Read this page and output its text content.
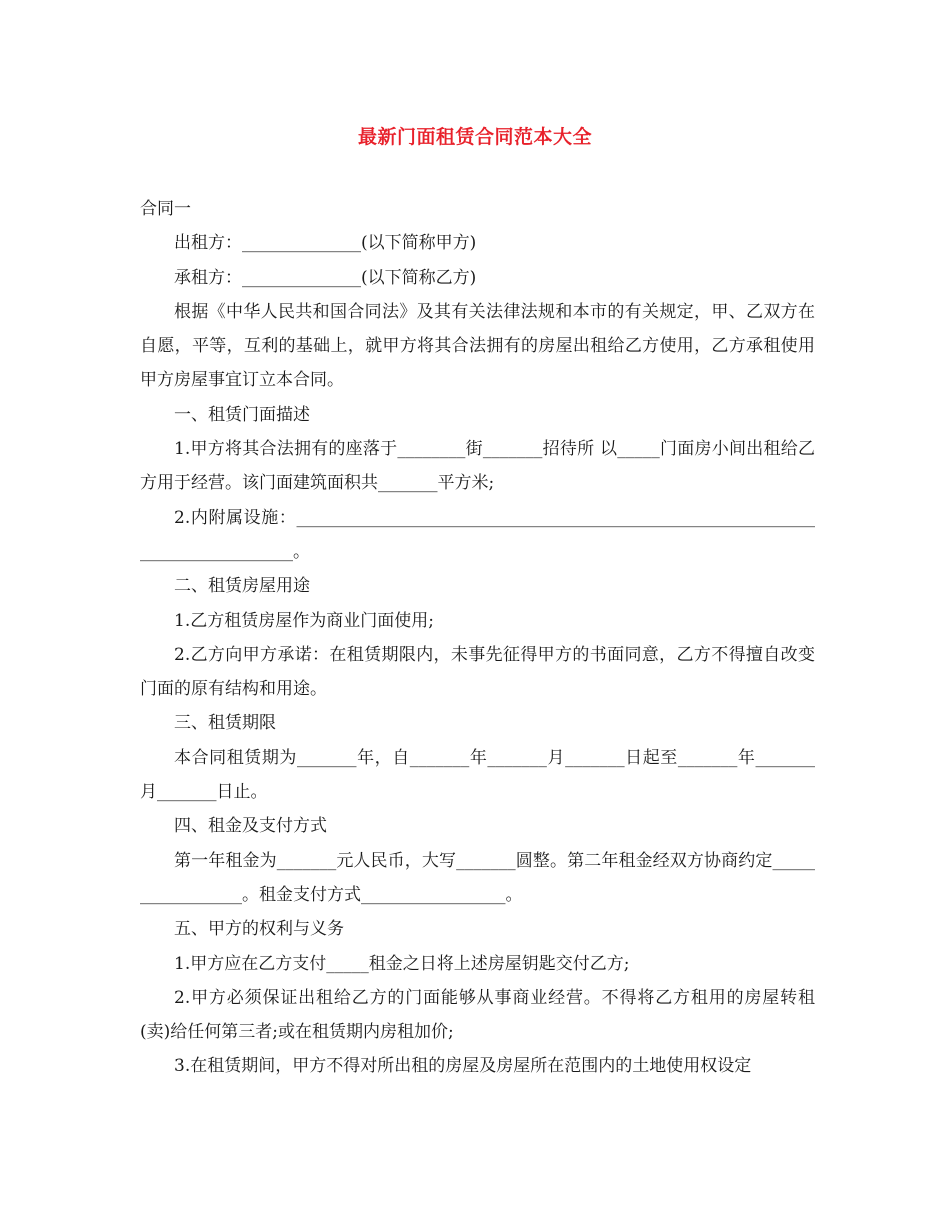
最新门面租赁合同范本大全

合同一

出租方：______________(以下简称甲方)

承租方：______________(以下简称乙方)

根据《中华人民共和国合同法》及其有关法律法规和本市的有关规定，甲、乙双方在自愿，平等，互利的基础上，就甲方将其合法拥有的房屋出租给乙方使用，乙方承租使用甲方房屋事宜订立本合同。

一、租赁门面描述

1.甲方将其合法拥有的座落于________街_______招待所 以_____门面房小间出租给乙方用于经营。该门面建筑面积共_______平方米;

2.内附属设施：_______________________________________________________________________________。

二、租赁房屋用途

1.乙方租赁房屋作为商业门面使用;

2.乙方向甲方承诺：在租赁期限内，未事先征得甲方的书面同意，乙方不得擅自改变门面的原有结构和用途。

三、租赁期限

本合同租赁期为_______年，自_______年_______月_______日起至_______年_______月_______日止。

四、租金及支付方式

第一年租金为_______元人民币，大写_______圆整。第二年租金经双方协商约定_________________。租金支付方式_________________。

五、甲方的权利与义务

1.甲方应在乙方支付_____租金之日将上述房屋钥匙交付乙方;

2.甲方必须保证出租给乙方的门面能够从事商业经营。不得将乙方租用的房屋转租(卖)给任何第三者;或在租赁期内房租加价;

3.在租赁期间，甲方不得对所出租的房屋及房屋所在范围内的土地使用权设定
